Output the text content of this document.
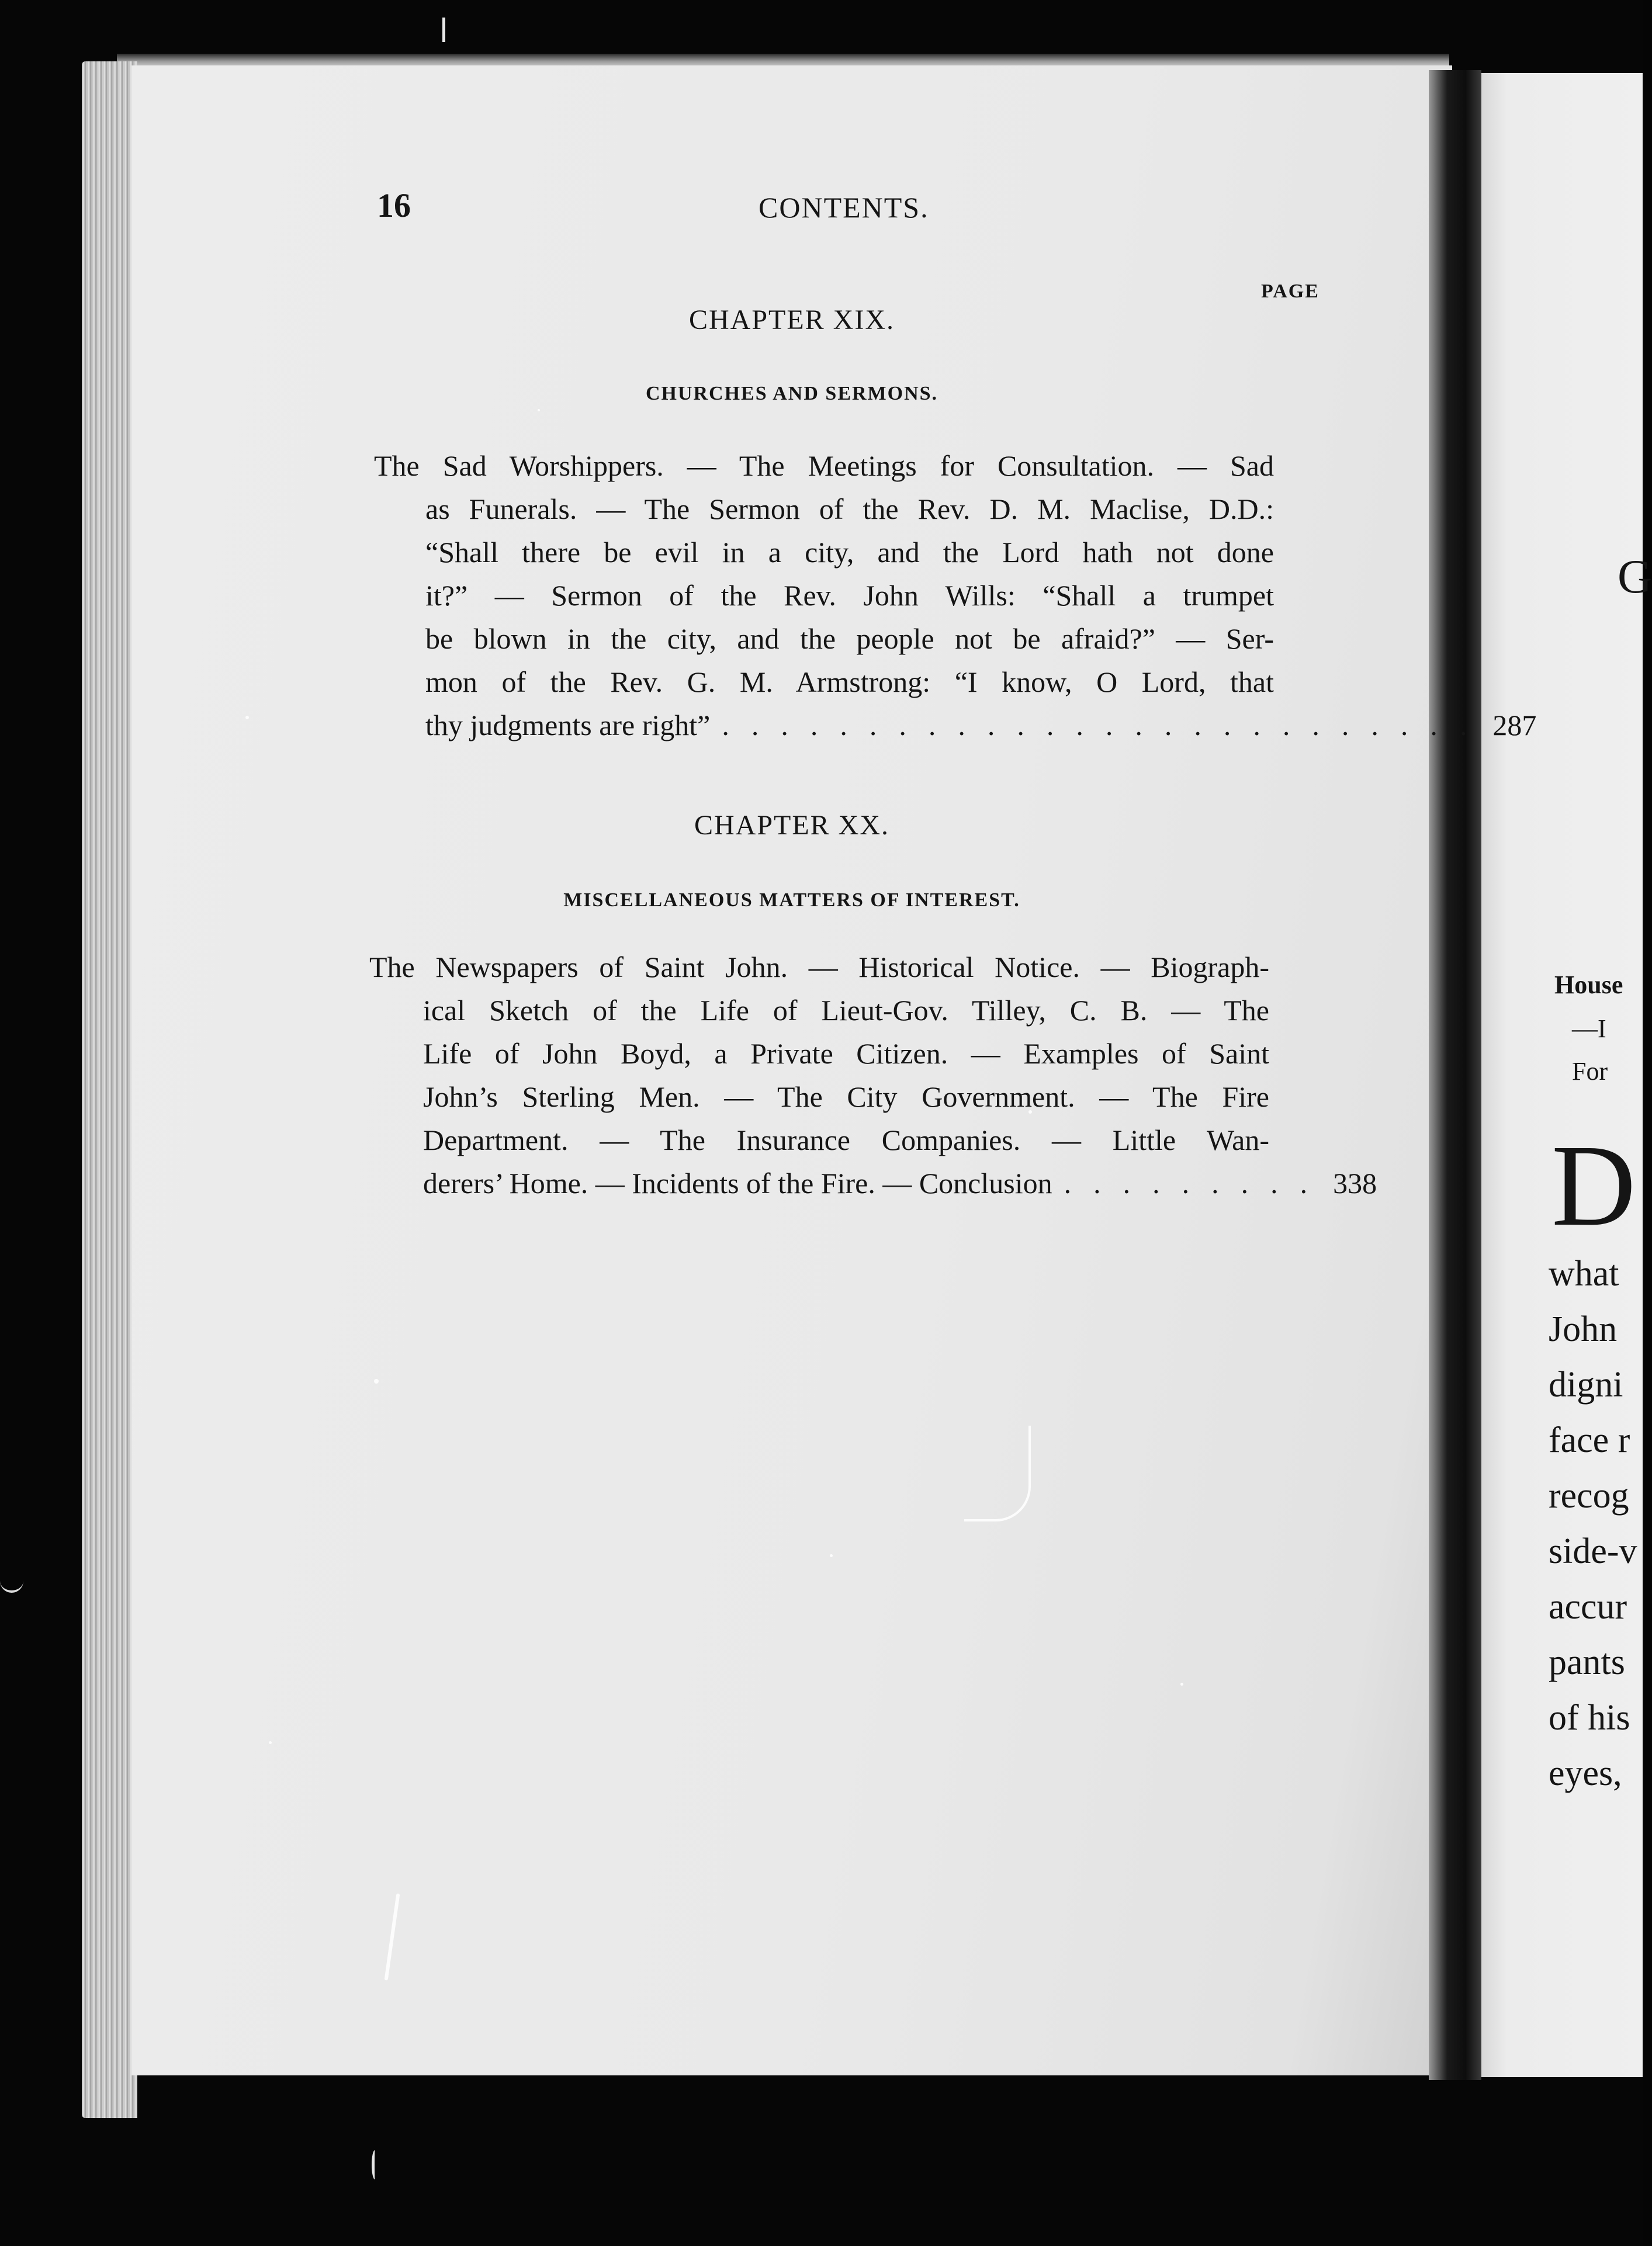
16	CONTENTS.
PAGE
CHAPTER XIX.
CHURCHES AND SERMONS.
The Sad Worshippers. — The Meetings for Consultation. — Sad
as Funerals. — The Sermon of the Rev. D. M. Maclise, D.D.:
“Shall there be evil in a city, and the Lord hath not done
it?” — Sermon of the Rev. John Wills: “Shall a trumpet
be blown in the city, and the people not be afraid?” — Ser-
mon of the Rev. G. M. Armstrong: “I know, O Lord, that
thy judgments are right” .......................... 287
CHAPTER XX.
MISCELLANEOUS MATTERS OF INTEREST.
The Newspapers of Saint John. — Historical Notice. — Biograph-
ical Sketch of the Life of Lieut-Gov. Tilley, C. B. — The
Life of John Boyd, a Private Citizen. — Examples of Saint
John’s Sterling Men. — The City Government. — The Fire
Department. — The Insurance Companies. — Little Wan-
derers’ Home. — Incidents of the Fire. — Conclusion ......... 338
G
House
—I
For
D
what
John
digni
face r
recog
side-v
accur
pants
of his
eyes,
